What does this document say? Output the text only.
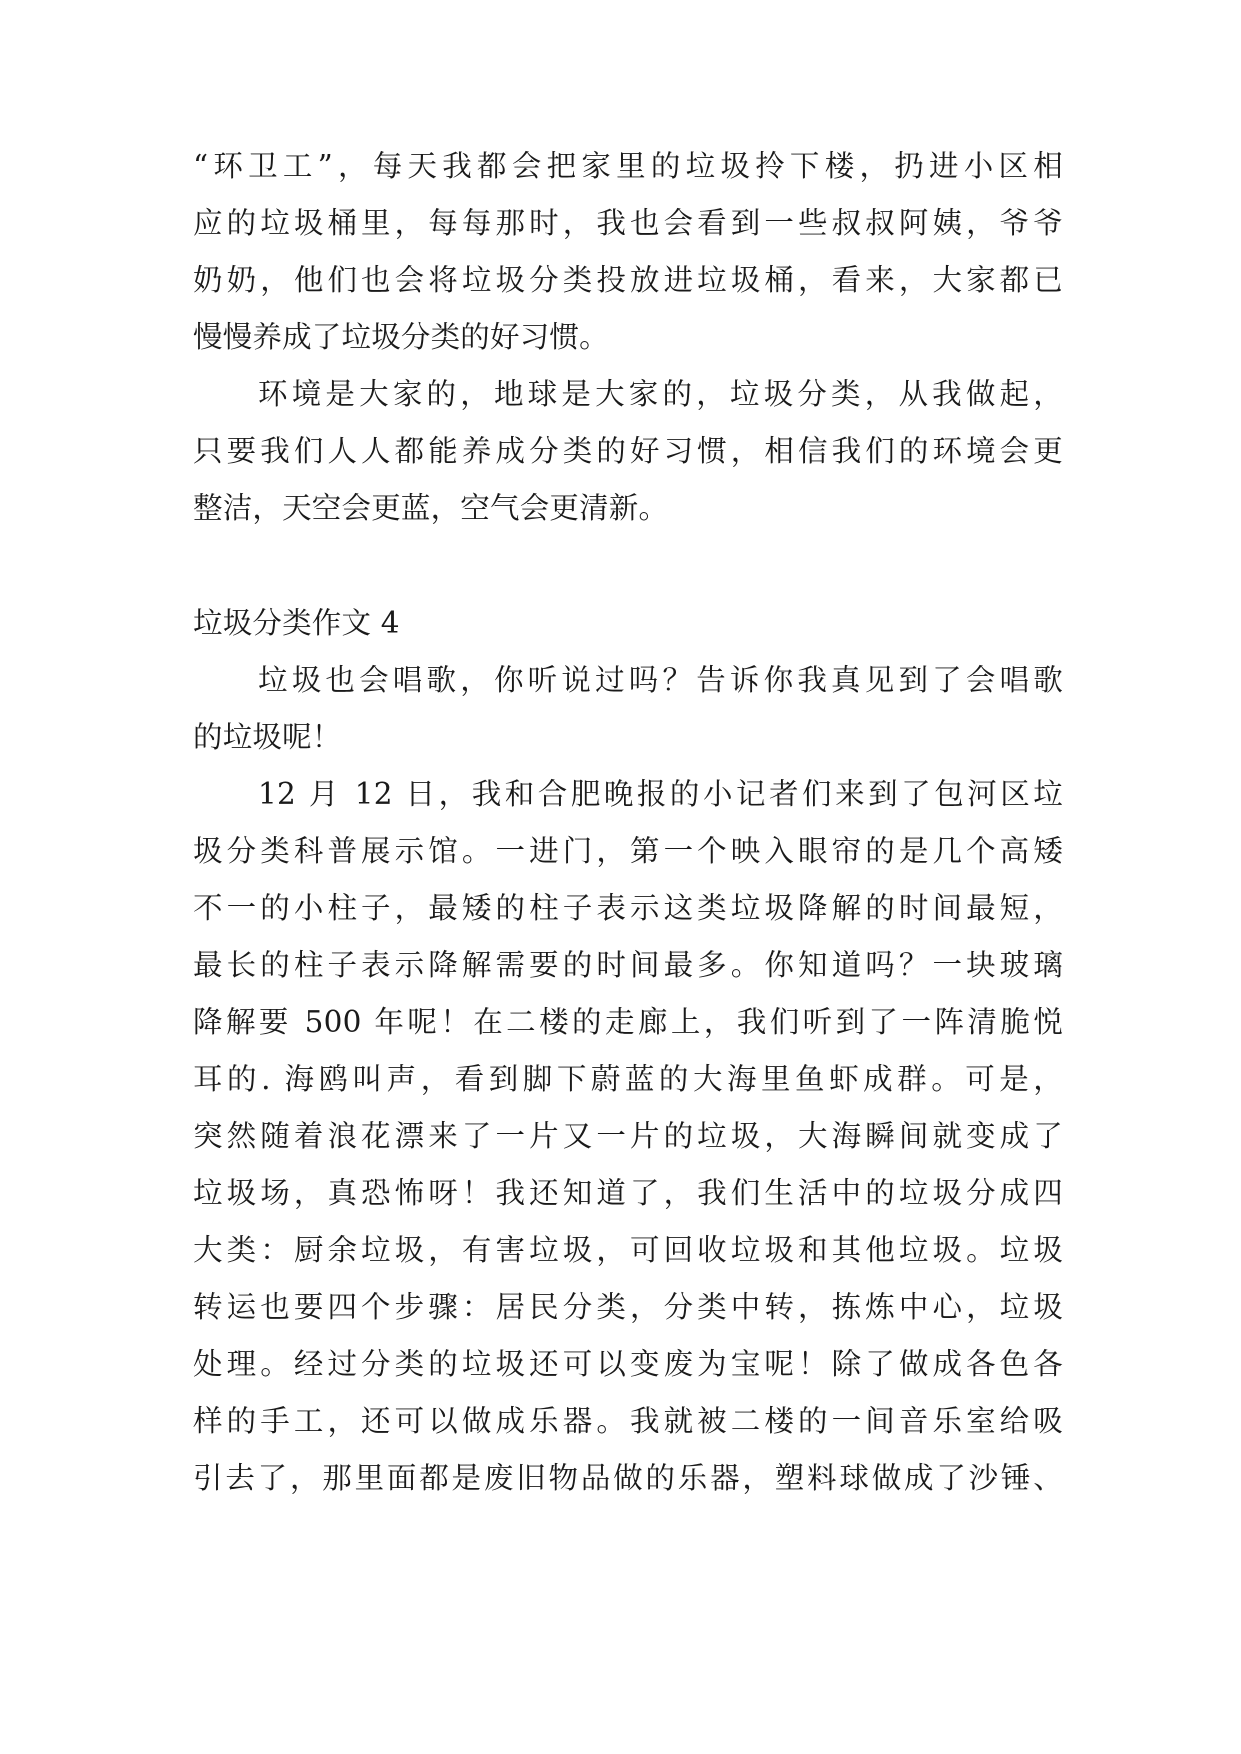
“环卫工”，每天我都会把家里的垃圾拎下楼，扔进小区相
应的垃圾桶里，每每那时，我也会看到一些叔叔阿姨，爷爷
奶奶，他们也会将垃圾分类投放进垃圾桶，看来，大家都已
慢慢养成了垃圾分类的好习惯。
环境是大家的，地球是大家的，垃圾分类，从我做起，
只要我们人人都能养成分类的好习惯，相信我们的环境会更
整洁，天空会更蓝，空气会更清新。
垃圾分类作文 4
垃圾也会唱歌，你听说过吗？告诉你我真见到了会唱歌
的垃圾呢！
12 月 12 日，我和合肥晚报的小记者们来到了包河区垃
圾分类科普展示馆。一进门，第一个映入眼帘的是几个高矮
不一的小柱子，最矮的柱子表示这类垃圾降解的时间最短，
最长的柱子表示降解需要的时间最多。你知道吗？一块玻璃
降解要 500 年呢！在二楼的走廊上，我们听到了一阵清脆悦
耳的. 海鸥叫声，看到脚下蔚蓝的大海里鱼虾成群。可是，
突然随着浪花漂来了一片又一片的垃圾，大海瞬间就变成了
垃圾场，真恐怖呀！我还知道了，我们生活中的垃圾分成四
大类：厨余垃圾，有害垃圾，可回收垃圾和其他垃圾。垃圾
转运也要四个步骤：居民分类，分类中转，拣炼中心，垃圾
处理。经过分类的垃圾还可以变废为宝呢！除了做成各色各
样的手工，还可以做成乐器。我就被二楼的一间音乐室给吸
引去了，那里面都是废旧物品做的乐器，塑料球做成了沙锤、
